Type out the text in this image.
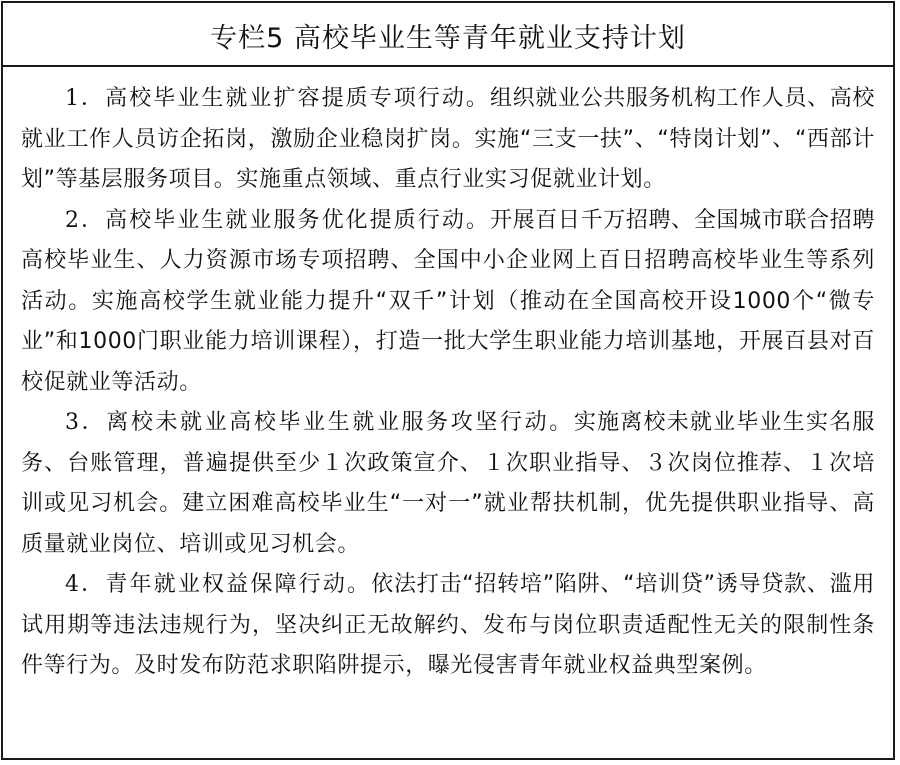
专栏5 高校毕业生等青年就业支持计划

1．高校毕业生就业扩容提质专项行动。组织就业公共服务机构工作人员、高校就业工作人员访企拓岗，激励企业稳岗扩岗。实施“三支一扶”、“特岗计划”、“西部计划”等基层服务项目。实施重点领域、重点行业实习促就业计划。

2．高校毕业生就业服务优化提质行动。开展百日千万招聘、全国城市联合招聘高校毕业生、人力资源市场专项招聘、全国中小企业网上百日招聘高校毕业生等系列活动。实施高校学生就业能力提升“双千”计划（推动在全国高校开设1000个“微专业”和1000门职业能力培训课程），打造一批大学生职业能力培训基地，开展百县对百校促就业等活动。

3．离校未就业高校毕业生就业服务攻坚行动。实施离校未就业毕业生实名服务、台账管理，普遍提供至少１次政策宣介、１次职业指导、３次岗位推荐、１次培训或见习机会。建立困难高校毕业生“一对一”就业帮扶机制，优先提供职业指导、高质量就业岗位、培训或见习机会。

4．青年就业权益保障行动。依法打击“招转培”陷阱、“培训贷”诱导贷款、滥用试用期等违法违规行为，坚决纠正无故解约、发布与岗位职责适配性无关的限制性条件等行为。及时发布防范求职陷阱提示，曝光侵害青年就业权益典型案例。
